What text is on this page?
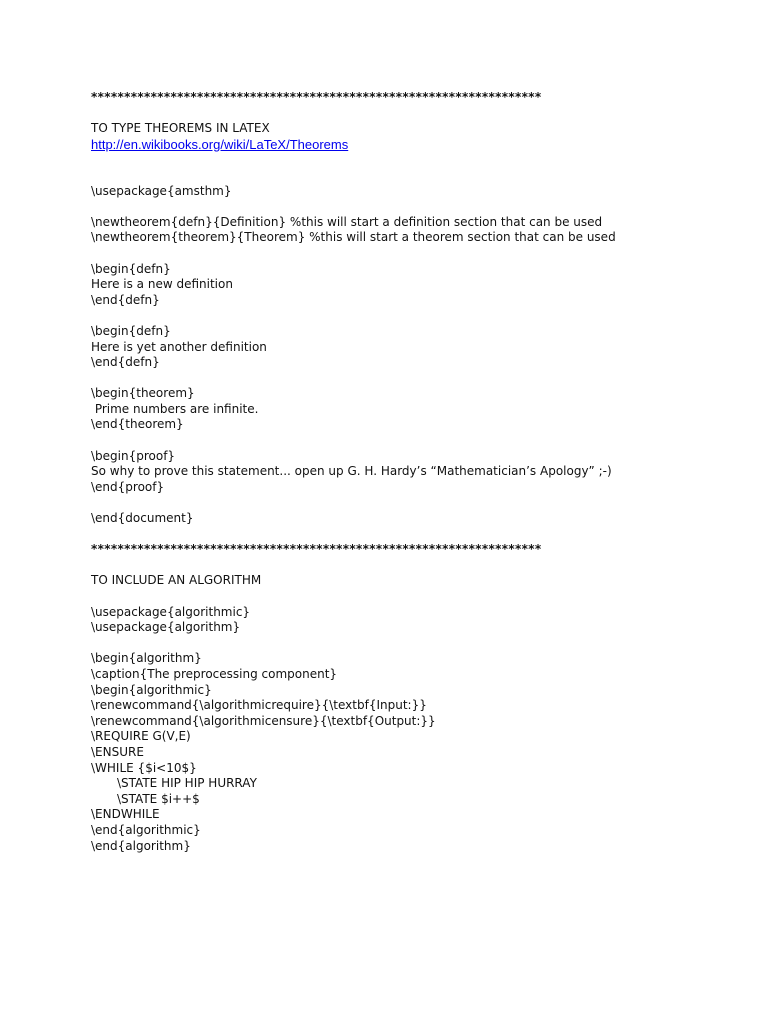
********************************************************************
TO TYPE THEOREMS IN LATEX
http://en.wikibooks.org/wiki/LaTeX/Theorems
\usepackage{amsthm}
\newtheorem{defn}{Definition} %this will start a definition section that can be used
\newtheorem{theorem}{Theorem} %this will start a theorem section that can be used
\begin{defn}
Here is a new definition
\end{defn}
\begin{defn}
Here is yet another definition
\end{defn}
\begin{theorem}
Prime numbers are infinite.
\end{theorem}
\begin{proof}
So why to prove this statement... open up G. H. Hardy’s “Mathematician’s Apology” ;-)
\end{proof}
\end{document}
********************************************************************
TO INCLUDE AN ALGORITHM
\usepackage{algorithmic}
\usepackage{algorithm}
\begin{algorithm}
\caption{The preprocessing component}
\begin{algorithmic}
\renewcommand{\algorithmicrequire}{\textbf{Input:}}
\renewcommand{\algorithmicensure}{\textbf{Output:}}
\REQUIRE G(V,E)
\ENSURE
\WHILE {$i<10$}
\STATE HIP HIP HURRAY
\STATE $i++$
\ENDWHILE
\end{algorithmic}
\end{algorithm}
